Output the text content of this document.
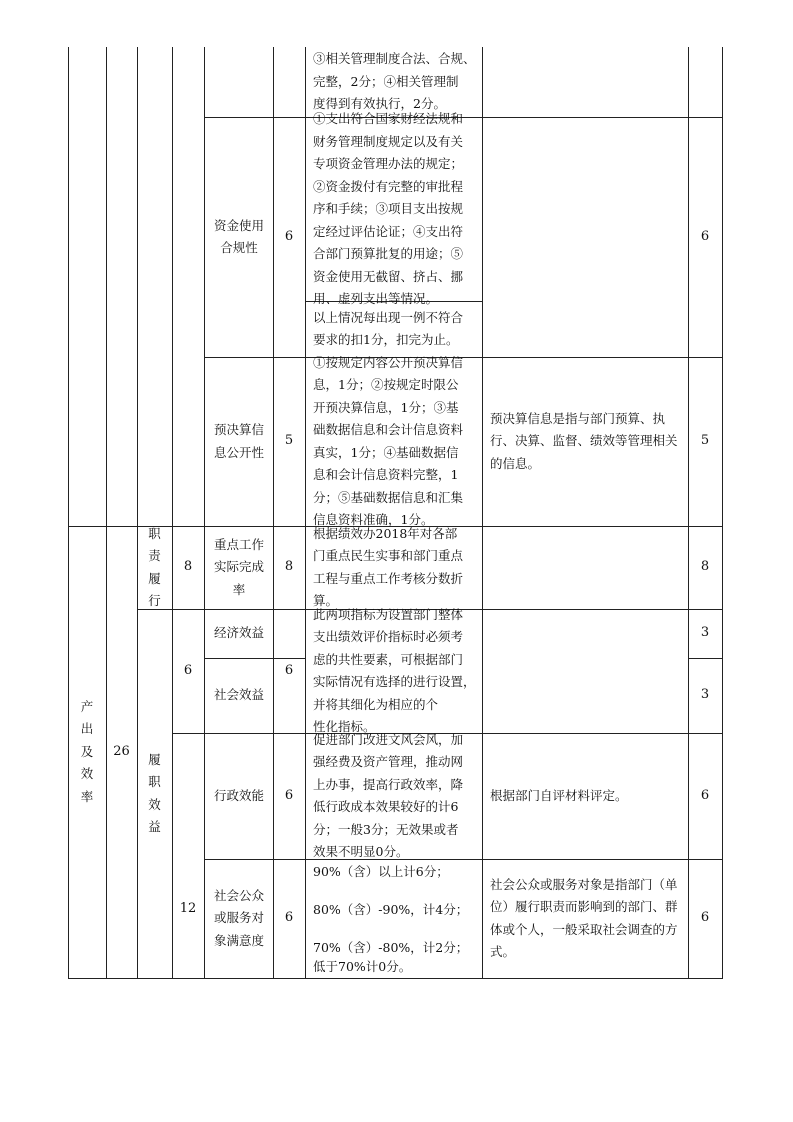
③相关管理制度合法、合规、
完整，2分；④相关管理制
度得到有效执行，2分。
资金使用
合规性
6
①支出符合国家财经法规和
财务管理制度规定以及有关
专项资金管理办法的规定；
②资金拨付有完整的审批程
序和手续；③项目支出按规
定经过评估论证；④支出符
合部门预算批复的用途；⑤
资金使用无截留、挤占、挪
用、虚列支出等情况。
以上情况每出现一例不符合
要求的扣1分，扣完为止。
6
预决算信
息公开性
5
①按规定内容公开预决算信
息，1分；②按规定时限公
开预决算信息，1分；③基
础数据信息和会计信息资料
真实，1分；④基础数据信
息和会计信息资料完整，1
分；⑤基础数据信息和汇集
信息资料准确，1分。
预决算信息是指与部门预算、执
行、决算、监督、绩效等管理相关
的信息。
5
产出及效率
26
职责履行
8
重点工作
实际完成
率
8
根据绩效办2018年对各部
门重点民生实事和部门重点
工程与重点工作考核分数折
算。
8
履职效益
6
经济效益
社会效益
6
此两项指标为设置部门整体
支出绩效评价指标时必须考
虑的共性要素，可根据部门
实际情况有选择的进行设置，
并将其细化为相应的个
性化指标。
3
3
12
行政效能 6
促进部门改进文风会风，加
强经费及资产管理，推动网
上办事，提高行政效率，降
低行政成本效果较好的计6
分；一般3分；无效果或者
效果不明显0分。
根据部门自评材料评定。	6
社会公众
或服务对
象满意度
6
90%（含）以上计6分；

80%（含）-90%，计4分；

70%（含）-80%，计2分；
低于70%计0分。
社会公众或服务对象是指部门（单
位）履行职责而影响到的部门、群
体或个人，一般采取社会调查的方
式。
6
